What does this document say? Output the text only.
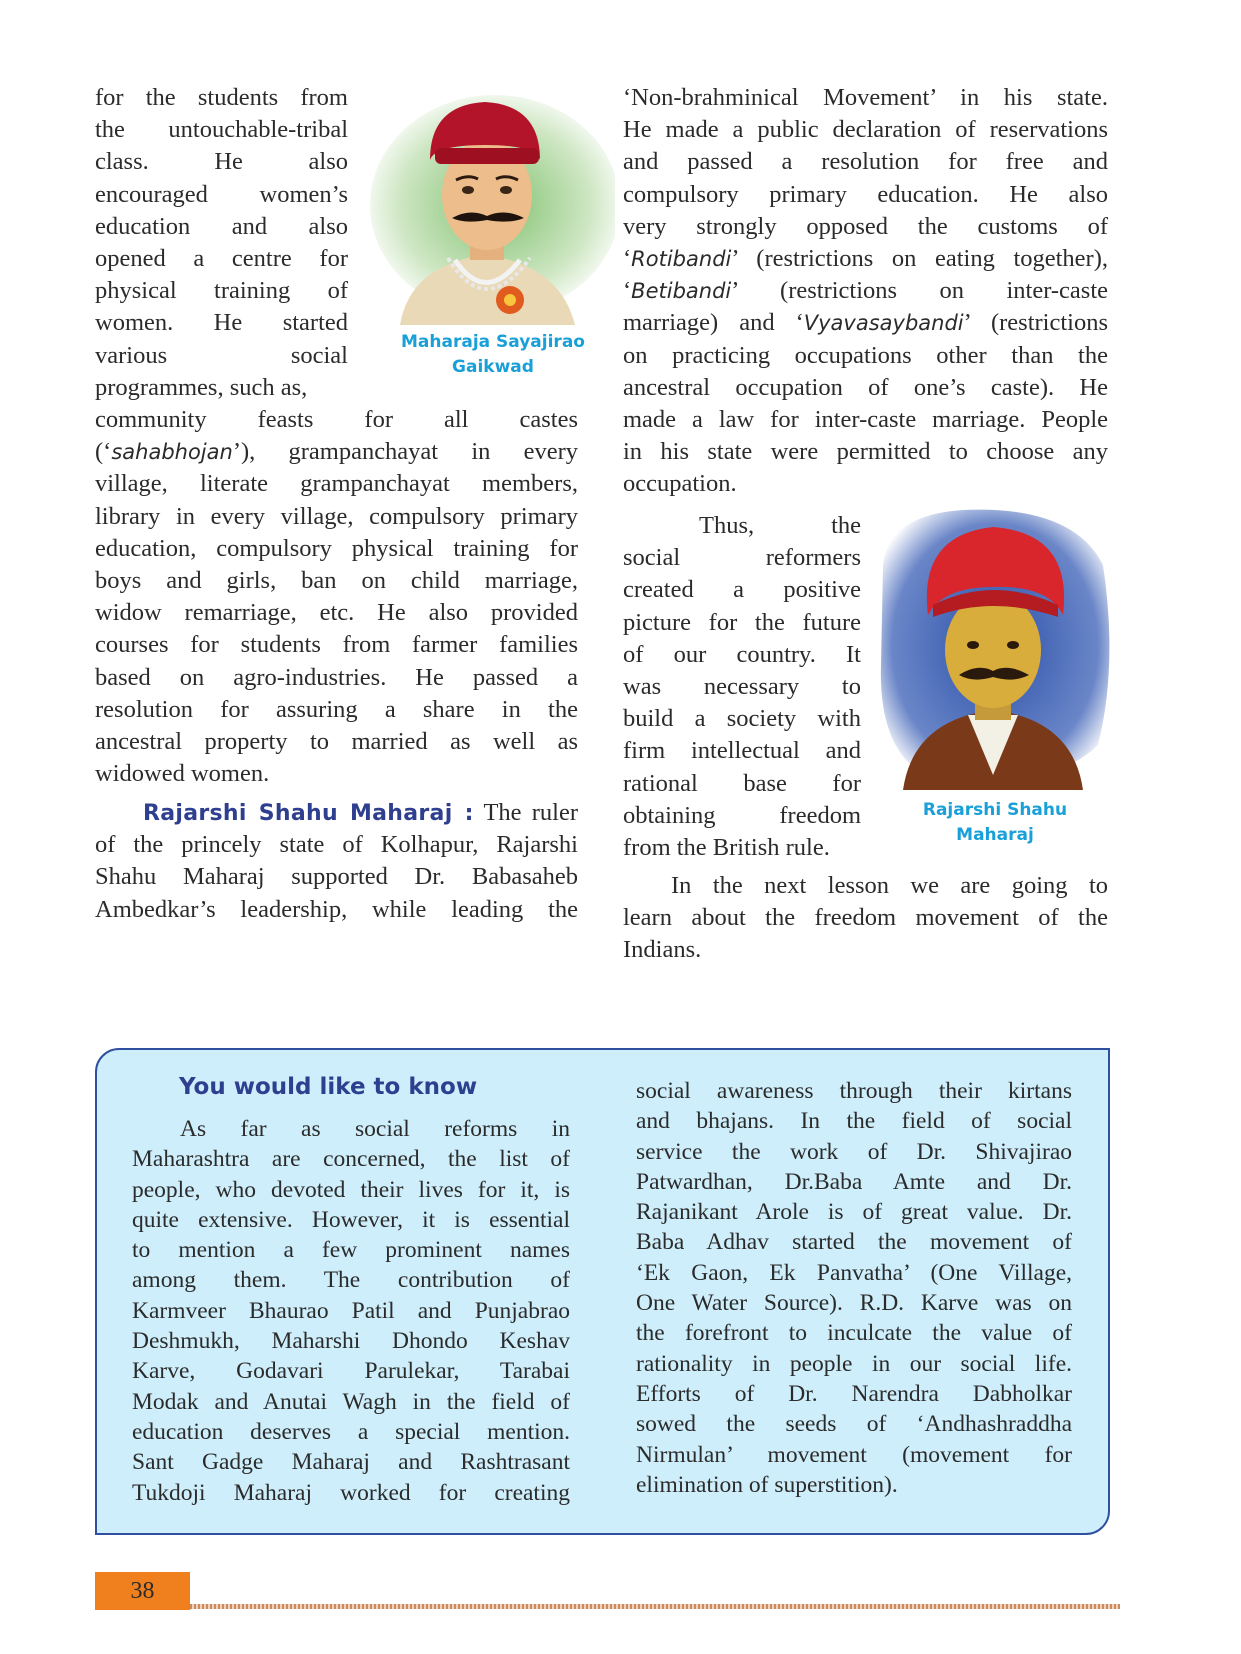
for the students from
the untouchable-tribal
class. He also
encouraged women’s
education and also
opened a centre for
physical training of
women. He started
various social
programmes, such as,
Maharaja Sayajirao
Gaikwad
community feasts for all castes
(‘sahabhojan’), grampanchayat in every
village, literate grampanchayat members,
library in every village, compulsory primary
education, compulsory physical training for
boys and girls, ban on child marriage,
widow remarriage, etc. He also provided
courses for students from farmer families
based on agro-industries. He passed a
resolution for assuring a share in the
ancestral property to married as well as
widowed women.
Rajarshi Shahu Maharaj : The ruler
of the princely state of Kolhapur, Rajarshi
Shahu Maharaj supported Dr. Babasaheb
Ambedkar’s leadership, while leading the
‘Non-brahminical Movement’ in his state.
He made a public declaration of reservations
and passed a resolution for free and
compulsory primary education. He also
very strongly opposed the customs of
‘Rotibandi’ (restrictions on eating together),
‘Betibandi’ (restrictions on inter-caste
marriage) and ‘Vyavasaybandi’ (restrictions
on practicing occupations other than the
ancestral occupation of one’s caste). He
made a law for inter-caste marriage. People
in his state were permitted to choose any
occupation.
Thus, the
social reformers
created a positive
picture for the future
of our country. It
was necessary to
build a society with
firm intellectual and
rational base for
obtaining freedom
from the British rule.
Rajarshi Shahu
Maharaj
In the next lesson we are going to
learn about the freedom movement of the
Indians.
You would like to know
As far as social reforms in
Maharashtra are concerned, the list of
people, who devoted their lives for it, is
quite extensive. However, it is essential
to mention a few prominent names
among them. The contribution of
Karmveer Bhaurao Patil and Punjabrao
Deshmukh, Maharshi Dhondo Keshav
Karve, Godavari Parulekar, Tarabai
Modak and Anutai Wagh in the field of
education deserves a special mention.
Sant Gadge Maharaj and Rashtrasant
Tukdoji Maharaj worked for creating
social awareness through their kirtans
and bhajans. In the field of social
service the work of Dr. Shivajirao
Patwardhan, Dr.Baba Amte and Dr.
Rajanikant Arole is of great value. Dr.
Baba Adhav started the movement of
‘Ek Gaon, Ek Panvatha’ (One Village,
One Water Source). R.D. Karve was on
the forefront to inculcate the value of
rationality in people in our social life.
Efforts of Dr. Narendra Dabholkar
sowed the seeds of ‘Andhashraddha
Nirmulan’ movement (movement for
elimination of superstition).
38
